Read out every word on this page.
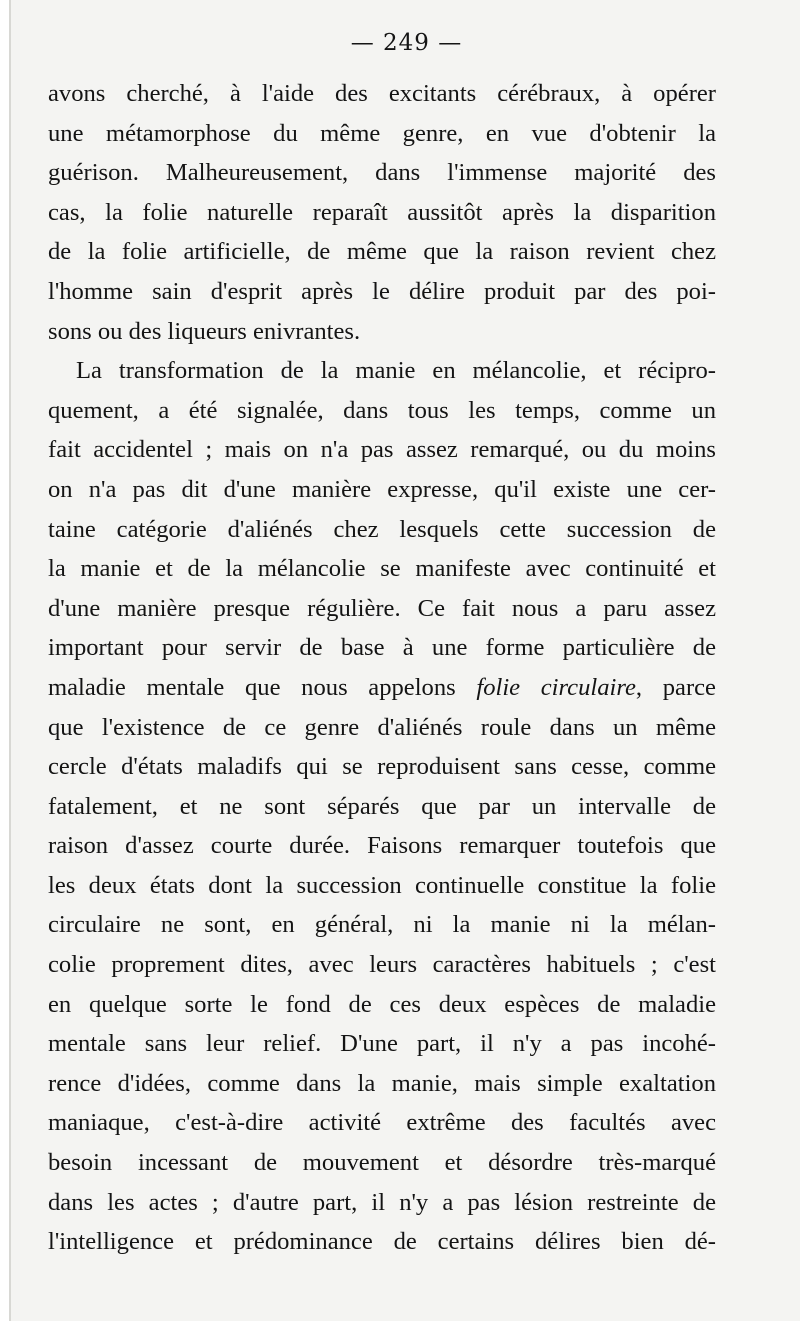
— 249 —
avons cherché, à l'aide des excitants cérébraux, à opérer
une métamorphose du même genre, en vue d'obtenir la
guérison. Malheureusement, dans l'immense majorité des
cas, la folie naturelle reparaît aussitôt après la disparition
de la folie artificielle, de même que la raison revient chez
l'homme sain d'esprit après le délire produit par des poi-
sons ou des liqueurs enivrantes.
La transformation de la manie en mélancolie, et récipro-
quement, a été signalée, dans tous les temps, comme un
fait accidentel ; mais on n'a pas assez remarqué, ou du moins
on n'a pas dit d'une manière expresse, qu'il existe une cer-
taine catégorie d'aliénés chez lesquels cette succession de
la manie et de la mélancolie se manifeste avec continuité et
d'une manière presque régulière. Ce fait nous a paru assez
important pour servir de base à une forme particulière de
maladie mentale que nous appelons folie circulaire, parce
que l'existence de ce genre d'aliénés roule dans un même
cercle d'états maladifs qui se reproduisent sans cesse, comme
fatalement, et ne sont séparés que par un intervalle de
raison d'assez courte durée. Faisons remarquer toutefois que
les deux états dont la succession continuelle constitue la folie
circulaire ne sont, en général, ni la manie ni la mélan-
colie proprement dites, avec leurs caractères habituels ; c'est
en quelque sorte le fond de ces deux espèces de maladie
mentale sans leur relief. D'une part, il n'y a pas incohé-
rence d'idées, comme dans la manie, mais simple exaltation
maniaque, c'est-à-dire activité extrême des facultés avec
besoin incessant de mouvement et désordre très-marqué
dans les actes ; d'autre part, il n'y a pas lésion restreinte de
l'intelligence et prédominance de certains délires bien dé-
